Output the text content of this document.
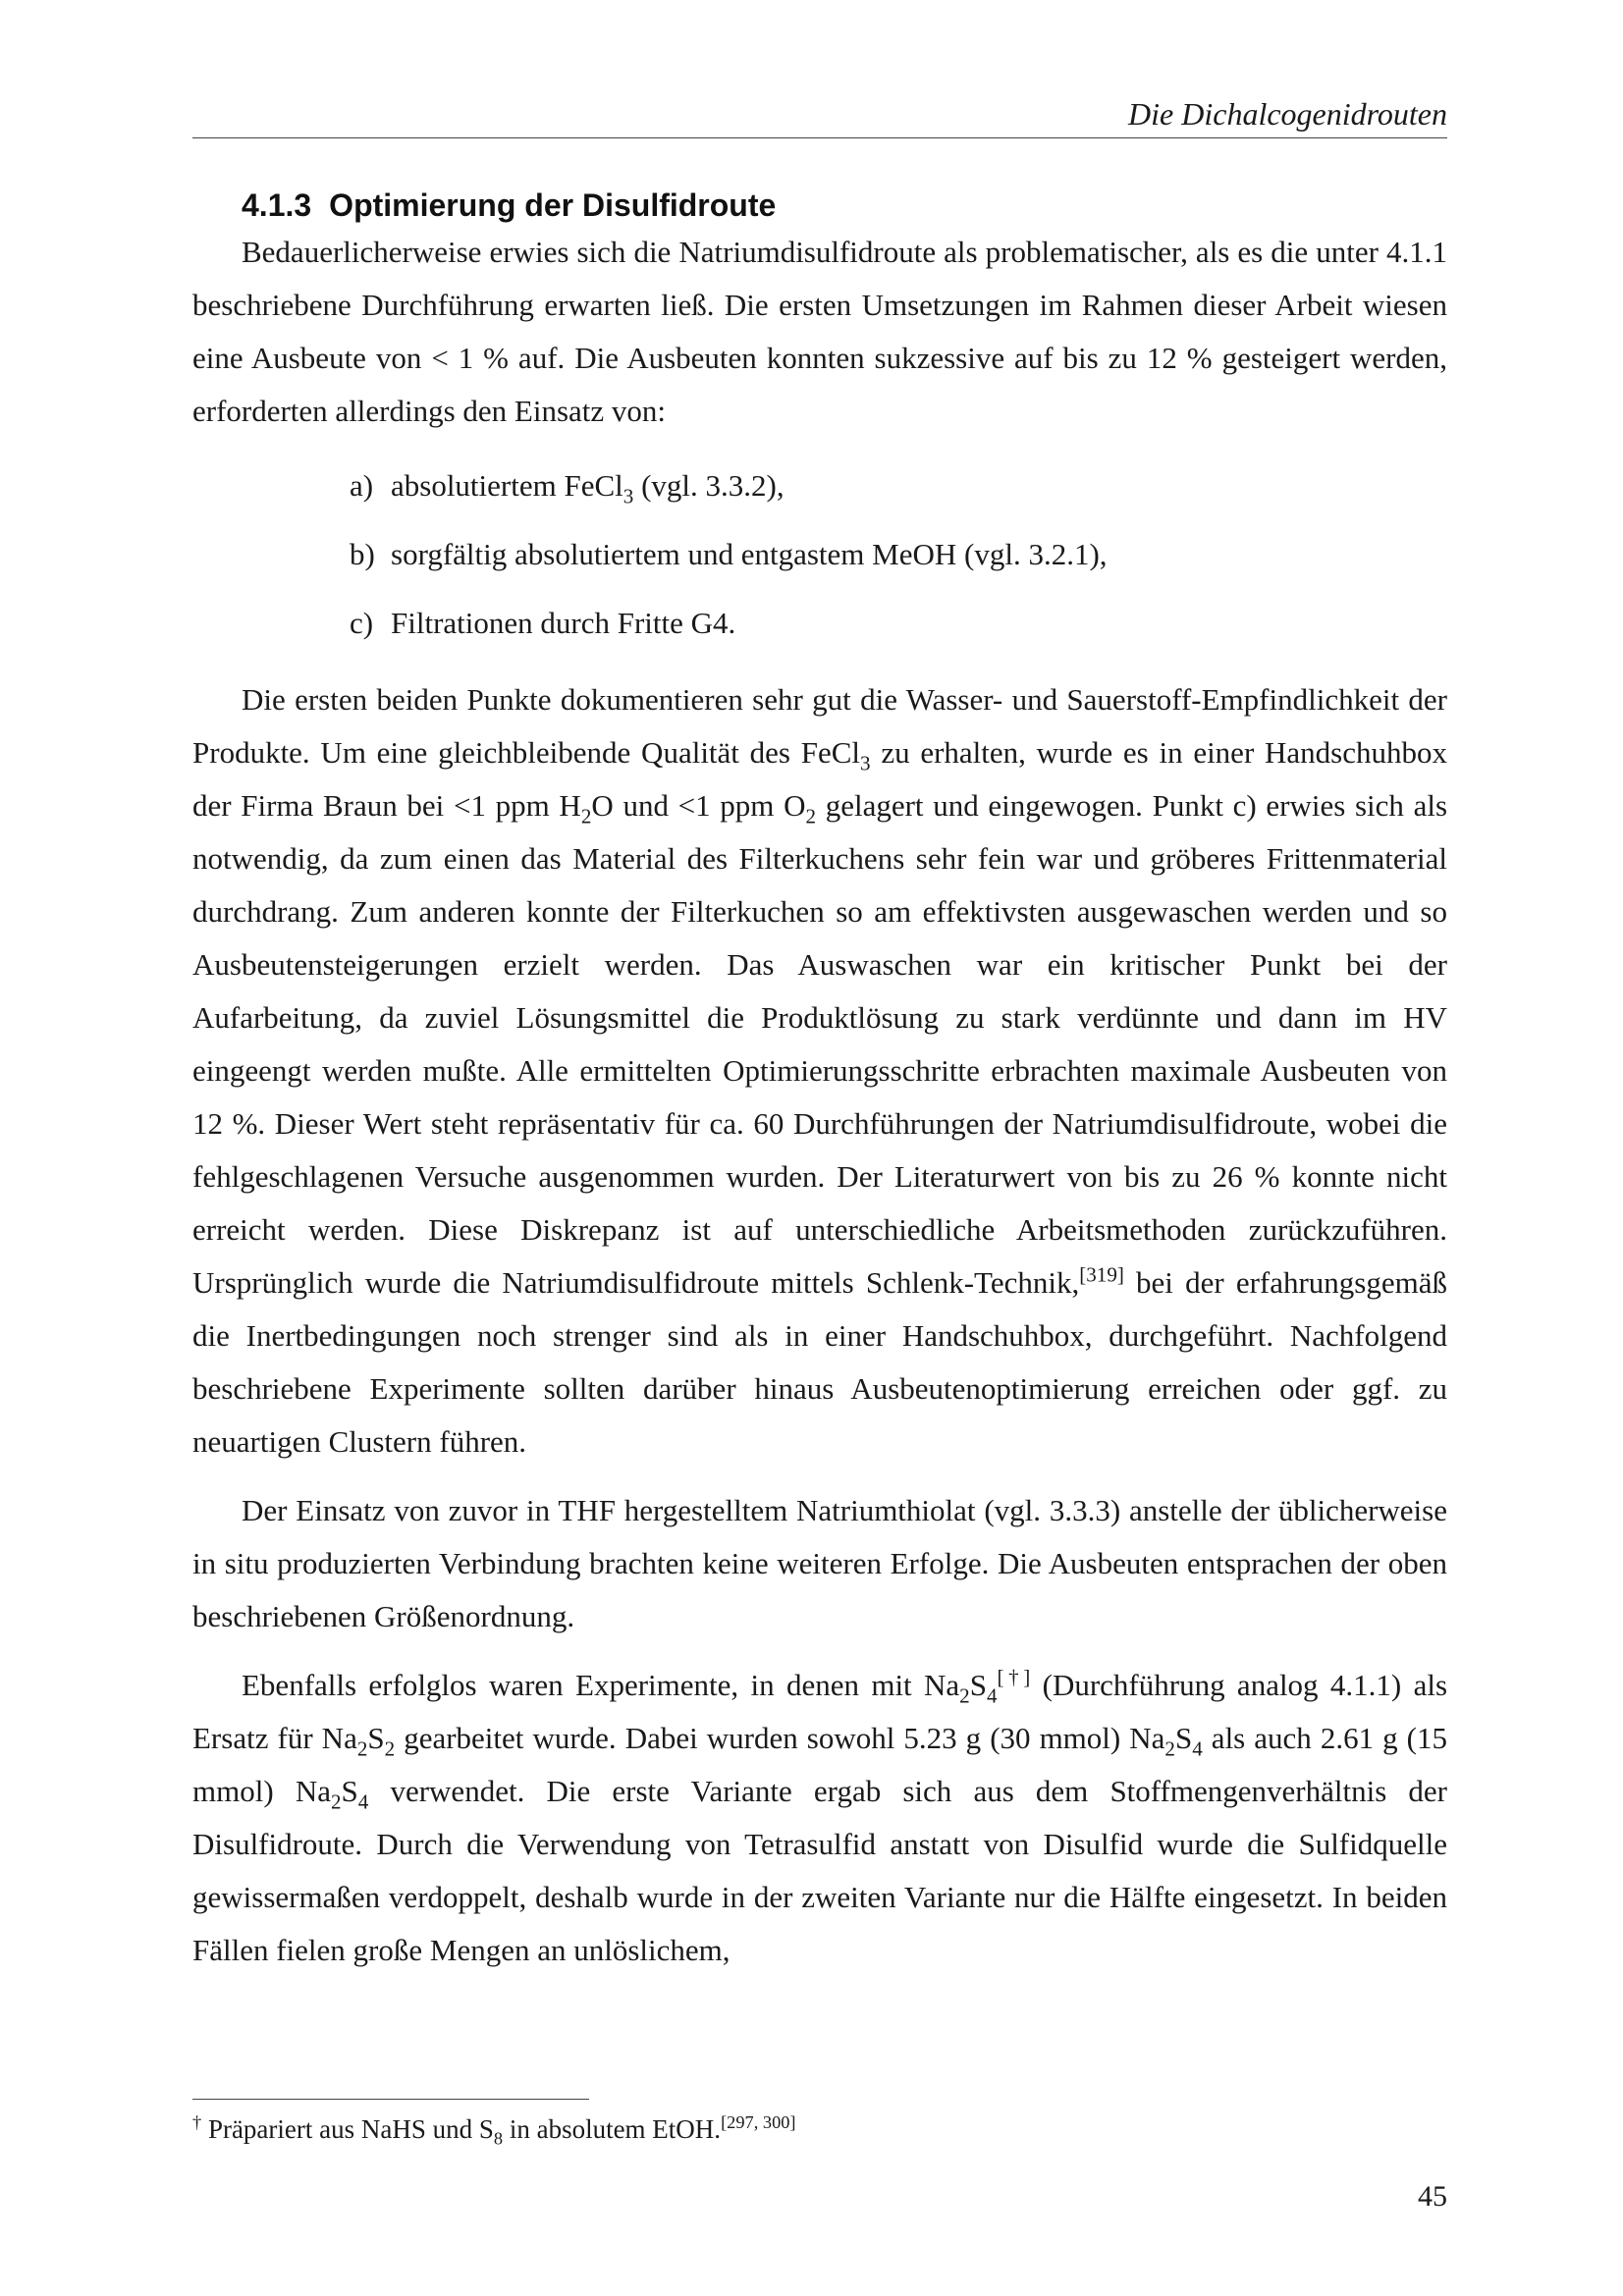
Die Dichalcogenidrouten
4.1.3 Optimierung der Disulfidroute

Bedauerlicherweise erwies sich die Natriumdisulfidroute als problematischer, als es die unter 4.1.1 beschriebene Durchführung erwarten ließ. Die ersten Umsetzungen im Rahmen dieser Arbeit wiesen eine Ausbeute von < 1 % auf. Die Ausbeuten konnten sukzessive auf bis zu 12 % gesteigert werden, erforderten allerdings den Einsatz von:

a) absolutiertem FeCl$_3$ (vgl. 3.3.2),
b) sorgfältig absolutiertem und entgastem MeOH (vgl. 3.2.1),
c) Filtrationen durch Fritte G4.

Die ersten beiden Punkte dokumentieren sehr gut die Wasser- und Sauerstoff-Empfindlichkeit der Produkte. Um eine gleichbleibende Qualität des FeCl$_3$ zu erhalten, wurde es in einer Handschuhbox der Firma Braun bei <1 ppm $H_2O$ und <1 ppm $O_2$ gelagert und eingewogen. Punkt c) erwies sich als notwendig, da zum einen das Material des Filterkuchens sehr fein war und gröberes Frittenmaterial durchdrang. Zum anderen konnte der Filterkuchen so am effektivsten ausgewaschen werden und so Ausbeutensteigerungen erzielt werden. Das Auswaschen war ein kritischer Punkt bei der Aufarbeitung, da zuviel Lösungsmittel die Produktlösung zu stark verdünnte und dann im HV eingeengt werden mußte. Alle ermittelten Optimierungsschritte erbrachten maximale Ausbeuten von 12 %. Dieser Wert steht repräsentativ für ca. 60 Durchführungen der Natriumdisulfidroute, wobei die fehlgeschlagenen Versuche ausgenommen wurden. Der Literaturwert von bis zu 26 % konnte nicht erreicht werden. Diese Diskrepanz ist auf unterschiedliche Arbeitsmethoden zurückzuführen. Ursprünglich wurde die Natriumdisulfidroute mittels Schlenk-Technik,[319] bei der erfahrungsgemäß die Inertbedingungen noch strenger sind als in einer Handschuhbox, durchgeführt. Nachfolgend beschriebene Experimente sollten darüber hinaus Ausbeutenoptimierung erreichen oder ggf. zu neuartigen Clustern führen.

Der Einsatz von zuvor in THF hergestelltem Natriumthiolat (vgl. 3.3.3) anstelle der üblicherweise in situ produzierten Verbindung brachten keine weiteren Erfolge. Die Ausbeuten entsprachen der oben beschriebenen Größenordnung.

Ebenfalls erfolglos waren Experimente, in denen mit $Na_2S_4[\dagger]$ (Durchführung analog 4.1.1) als Ersatz für $Na_2S_2$ gearbeitet wurde. Dabei wurden sowohl 5.23 g (30 mmol) $Na_2S_4$ als auch 2.61 g (15 mmol) $Na_2S_4$ verwendet. Die erste Variante ergab sich aus dem Stoffmengenverhältnis der Disulfidroute. Durch die Verwendung von Tetrasulfid anstatt von Disulfid wurde die Sulfidquelle gewissermaßen verdoppelt, deshalb wurde in der zweiten Variante nur die Hälfte eingesetzt. In beiden Fällen fielen große Mengen an unlöslichem,

† Präpariert aus NaHS und $S_8$ in absolutem EtOH.[297, 300]
45
